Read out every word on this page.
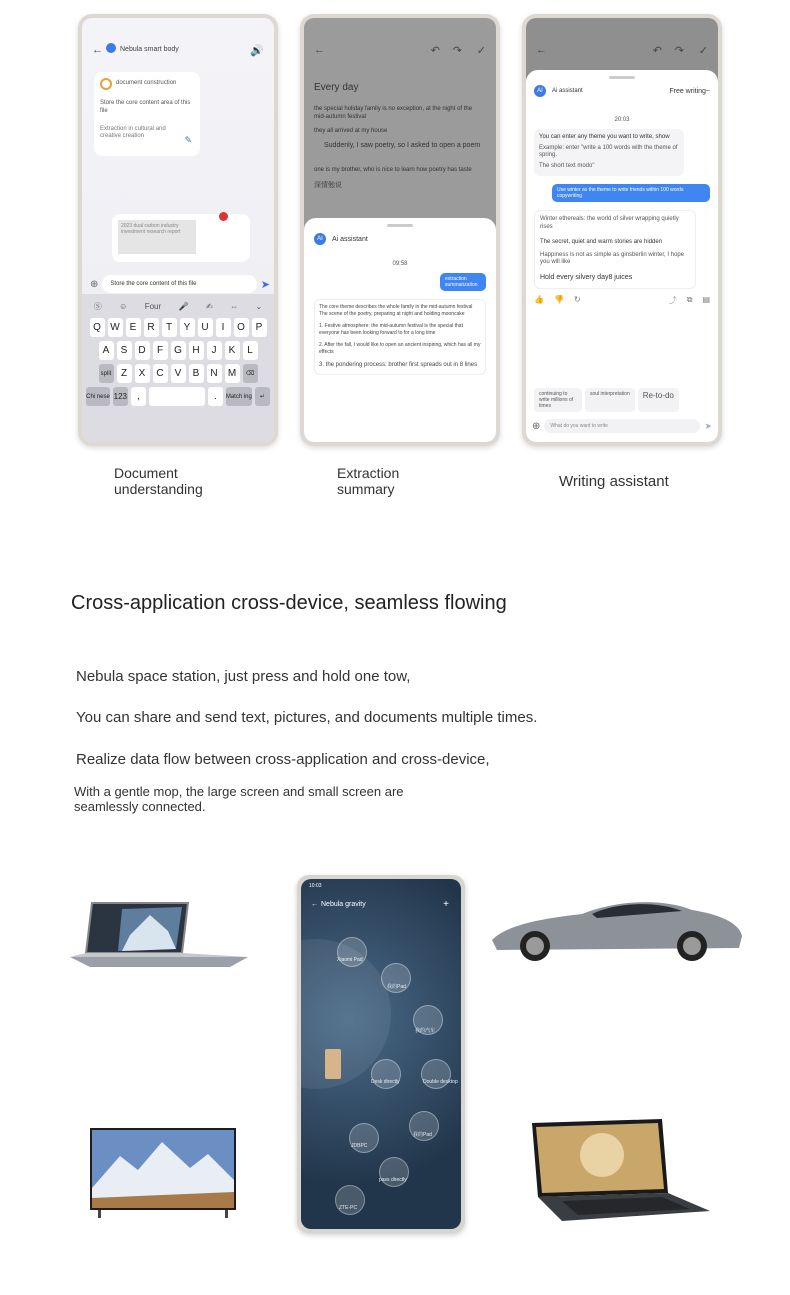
← Nebula smart body	🔊
document construction
Store the core content area of this file
Extraction in cultural and creative creation	✎
2023 dual carbon industry investment research report
⊕	Store the core content of this file	➤
Ⓢ ☺ Four 🎤 ✍ ⇔ ⌄
Q W E	R	T	Y	U	I	O	P
A	S	D	F	G	H	J	K	L
split Z	X	C	V	B	N	M	⌫
Chi nese 123 ,	.	Match ing	↵
←	↶ ↷ ✓
Every day
the special holiday family is no exception, at the night of the mid-autumn festival
they all arrived at my house
Suddenly, I saw poetry, so I asked to open a poem
one is my brother, who is nice to learn how poetry has taste
深情勉说
AI	Ai assistant
09:58
extraction summarization
The core theme describes the whole family in the mid-autumn festival
The scene of the poetry, preparing at night and holding mooncake
1. Festive atmosphere: the mid-autumn festival is the special that everyone has been looking forward to for a long time
2. After the fall, I would like to open an ancient inspiring, which has all my effects
3. the pondering process: brother first spreads out in 8 lines
←	↶ ↷ ✓
AI	Ai assistant	Free writing~
20:03
You can enter any theme you want to write, show
Example: enter "write a 100 words with the theme of spring.
The short text modo"
Use winter as the theme to write friends within 100 words copywriting
Winter ethereals: the world of silver wrapping quietly rises
The secret, quiet and warm stories are hidden
Happiness is not as simple as ginsberlin winter, I hope you will like
Hold every silvery day8 juices
👍 👎 ↻	⤴ ⧉ ▤
continuing to write millions of times
soul interpretation	Re-to-do
⊕	What do you want to write	➤
Document understanding
Extraction summary	Writing assistant
Cross-application cross-device, seamless flowing
Nebula space station, just press and hold one tow,
You can share and send text, pictures, and documents multiple times.
Realize data flow between cross-application and cross-device,
With a gentle mop, the large screen and small screen are seamlessly connected.
10:03
← Nebula gravity	+
Xiaomi Pad
我的Pad
我的汽车
Desk directly	Double desktop
JDBPC
我的Pad
pass directly
ZTE-PC
